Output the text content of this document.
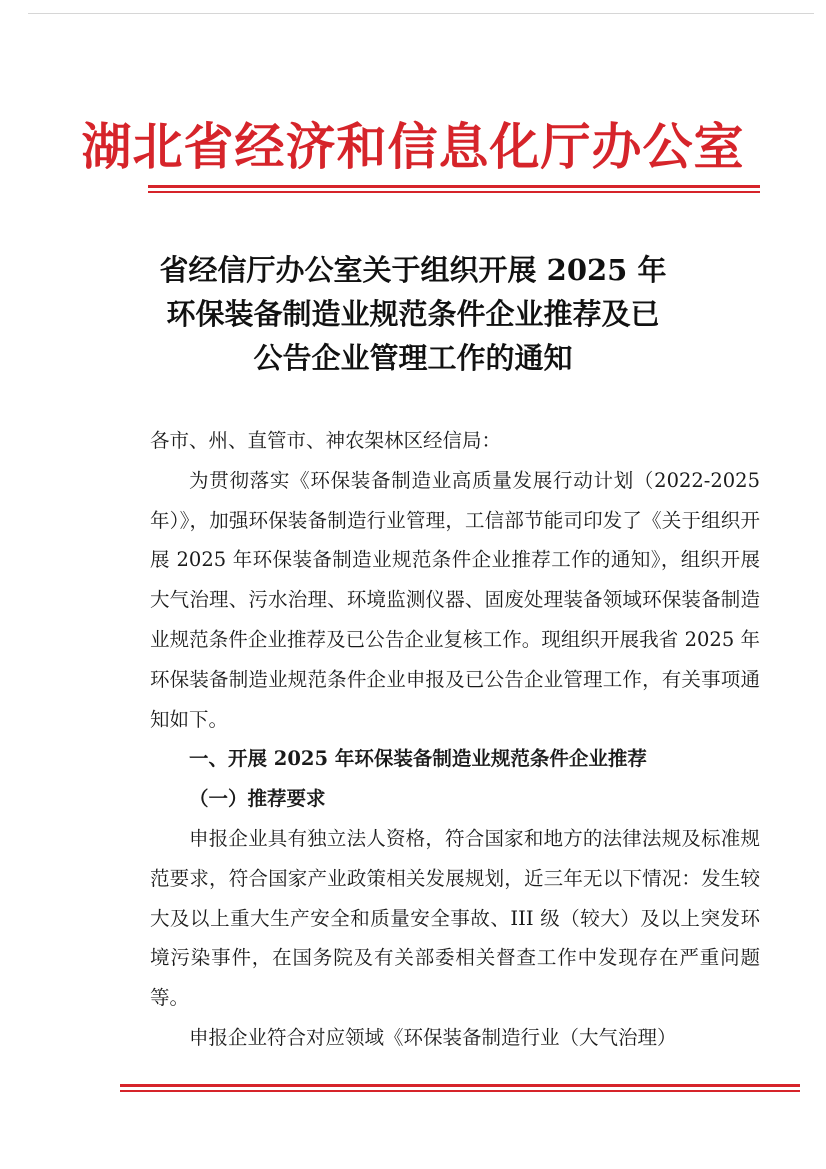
湖北省经济和信息化厅办公室
省经信厅办公室关于组织开展 2025 年
环保装备制造业规范条件企业推荐及已
公告企业管理工作的通知

各市、州、直管市、神农架林区经信局：

为贯彻落实《环保装备制造业高质量发展行动计划（2022-2025 年）》，加强环保装备制造行业管理，工信部节能司印发了《关于组织开展 2025 年环保装备制造业规范条件企业推荐工作的通知》，组织开展大气治理、污水治理、环境监测仪器、固废处理装备领域环保装备制造业规范条件企业推荐及已公告企业复核工作。现组织开展我省 2025 年环保装备制造业规范条件企业申报及已公告企业管理工作，有关事项通知如下。

一、开展 2025 年环保装备制造业规范条件企业推荐

（一）推荐要求

申报企业具有独立法人资格，符合国家和地方的法律法规及标准规范要求，符合国家产业政策相关发展规划，近三年无以下情况：发生较大及以上重大生产安全和质量安全事故、III 级（较大）及以上突发环境污染事件，在国务院及有关部委相关督查工作中发现存在严重问题等。

申报企业符合对应领域《环保装备制造行业（大气治理）
